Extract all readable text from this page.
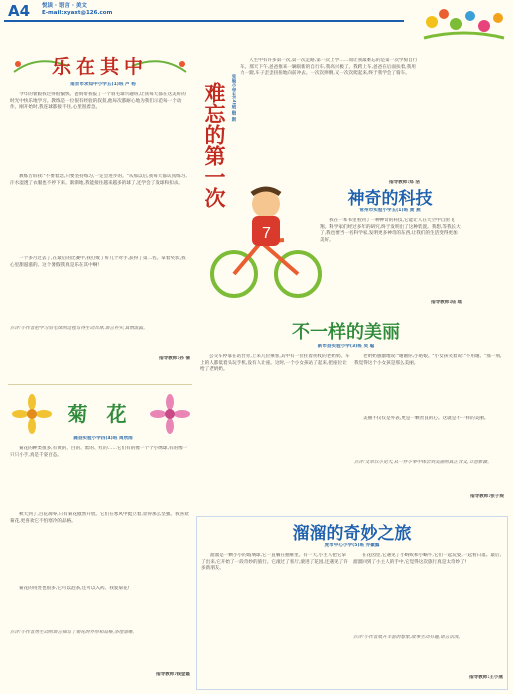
A4	悦读 · 语言 · 美文
E-mail:xyaxt@126.com
乐在其中
南京市求知中小学五(1)班 卢 杨
今年的暑假我过得很愉快。爸妈带我报了一个羽毛球兴趣班,让我每天都在这美好的时光中快乐地学习。教练是一位很有经验的叔叔,他每次都耐心地为我们示范每一个动作。刚开始时,我连球都接不住,心里很着急。
教练告诉我:"不要着急,只要坚持练习,一定会进步的。"从那以后,我每天都认真练习,汗水湿透了衣服也不停下来。渐渐地,我能接住越来越多的球了,还学会了发球和扣杀。
一个多月过去了,在最后的比赛中,我打败了好几个对手,获得了第二名。拿着奖状,我心里甜滋滋的。这个暑假我真是乐在其中啊!
点评:小作者把学习羽毛球的过程写得生动具体,语言朴实,真情流露。
指导教师:孙 倩
菊 花
鹿县实验小学四(4)班 周欣雨
菊花的种类很多,有黄的、白的、紫的、红的……它们有的像一个个小绣球,有的像一只只小手,真是千姿百态。
秋天到了,百花凋零,只有菊花傲然开放。它们在寒风中挺立着,显得那么坚强。我喜欢菊花,更喜欢它不怕寒冷的品格。
菊花的用处也很多,它可以泡茶,还可以入药。我爱菊花!
点评:小作者用生动的语言描写了菊花的外形和品格,条理清晰。
指导教师:钱金霞
难忘的第一次 实验小学五(3)班 殷 斯
人生中有许多第一次,第一次走路,第一次上学……而让我最难忘的是第一次学骑自行车。那天下午,爸爸推来一辆崭新的自行车,我高兴极了。我跨上车,爸爸在后面扶着,我用力一蹬,车子歪歪扭扭地向前冲去。一次次摔倒,又一次次爬起来,终于我学会了骑车。
7
指导教师:郑 洁
神奇的科技
常州市实验小学五(1)班 黄 燕
我在一本书里看到了一种神奇的科技,它能让人在天空中自由飞翔。科学家们经过多年的研究,终于发明出了这种装置。我想,等我长大了,我也要当一名科学家,发明更多神奇的东西,让我们的生活变得更加美好。
指导教师:陆 瑶
不一样的美丽
新市县实验小学(3)班 吴 聪
公交车停靠在站台旁,上来几位乘客,其中有一位拄着拐杖的老奶奶。车上的人都低着头玩手机,没有人让座。这时,一个小女孩站了起来,把座位让给了老奶奶。
老奶奶感激地说:"谢谢你,小姑娘。"小女孩笑着说:"不用谢。"那一刻,我觉得这个小女孩是那么美丽。
美丽不仅仅是外表,更是一颗善良的心。这就是不一样的美丽。
点评:文章以小见大,从一件小事中体会到美丽的真正含义,立意新颖。
指导教师:张子规
溜溜的奇妙之旅
虎市中心小学(5)班 乔徽露
溜溜是一颗小小的玻璃球,它一直躺在抽屉里。有一天,小主人把它拿了出来,它开始了一段奇妙的旅行。它滚过了客厅,滚进了花园,还遇见了许多新朋友。
在花园里,它遇见了小蚂蚁和小蜗牛,它们一起玩耍,一起看日落。最后,溜溜回到了小主人的手中,它觉得这次旅行真是太奇妙了!
点评:小作者展开丰富的想象,故事生动有趣,语言活泼。
指导教师:王小燕
